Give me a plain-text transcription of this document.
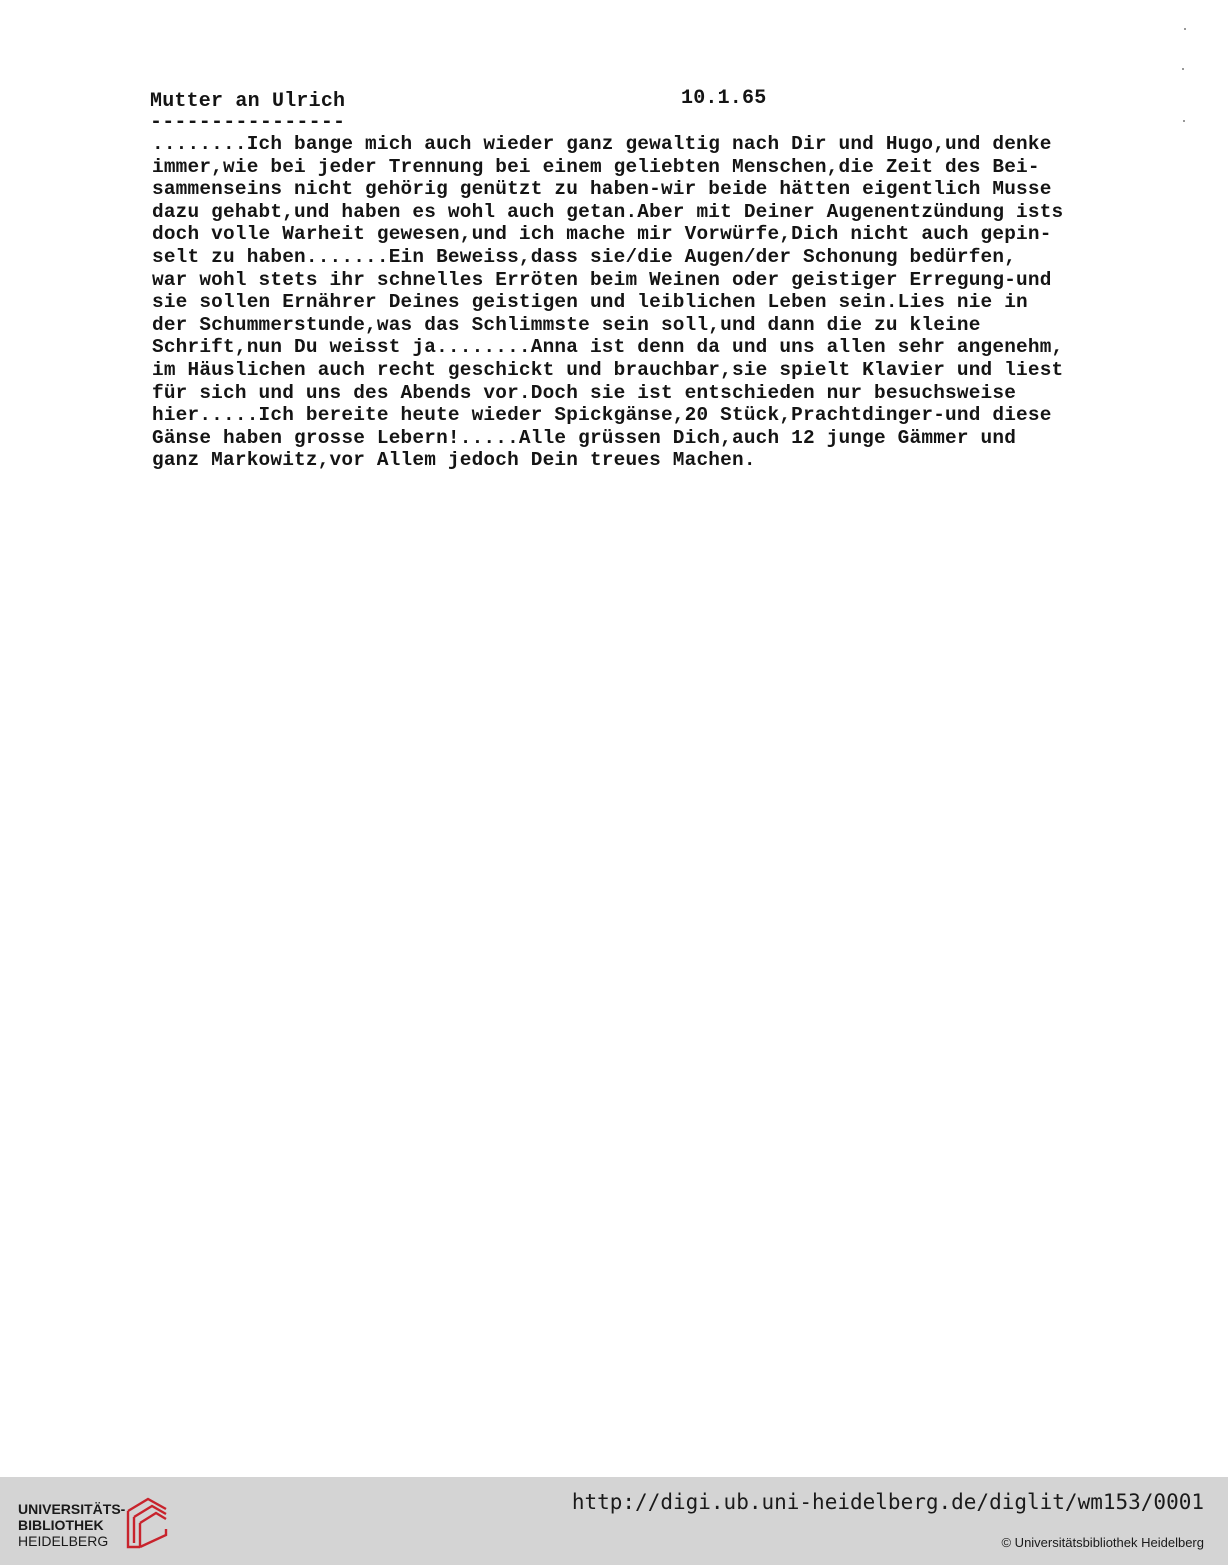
Mutter an Ulrich	10.1.65
----------------
........Ich bange mich auch wieder ganz gewaltig nach Dir und Hugo,und denke
immer,wie bei jeder Trennung bei einem geliebten Menschen,die Zeit des Bei-
sammenseins nicht gehörig genützt zu haben-wir beide hätten eigentlich Musse
dazu gehabt,und haben es wohl auch getan.Aber mit Deiner Augenentzündung ists
doch volle Warheit gewesen,und ich mache mir Vorwürfe,Dich nicht auch gepin-
selt zu haben.......Ein Beweiss,dass sie/die Augen/der Schonung bedürfen,
war wohl stets ihr schnelles Erröten beim Weinen oder geistiger Erregung-und
sie sollen Ernährer Deines geistigen und leiblichen Leben sein.Lies nie in
der Schummerstunde,was das Schlimmste sein soll,und dann die zu kleine
Schrift,nun Du weisst ja........Anna ist denn da und uns allen sehr angenehm,
im Häuslichen auch recht geschickt und brauchbar,sie spielt Klavier und liest
für sich und uns des Abends vor.Doch sie ist entschieden nur besuchsweise
hier.....Ich bereite heute wieder Spickgänse,20 Stück,Prachtdinger-und diese
Gänse haben grosse Lebern!.....Alle grüssen Dich,auch 12 junge Gämmer und
ganz Markowitz,vor Allem jedoch Dein treues Machen.
UNIVERSITÄTS-
BIBLIOTHEK
HEIDELBERG
http://digi.ub.uni-heidelberg.de/diglit/wm153/0001
© Universitätsbibliothek Heidelberg
